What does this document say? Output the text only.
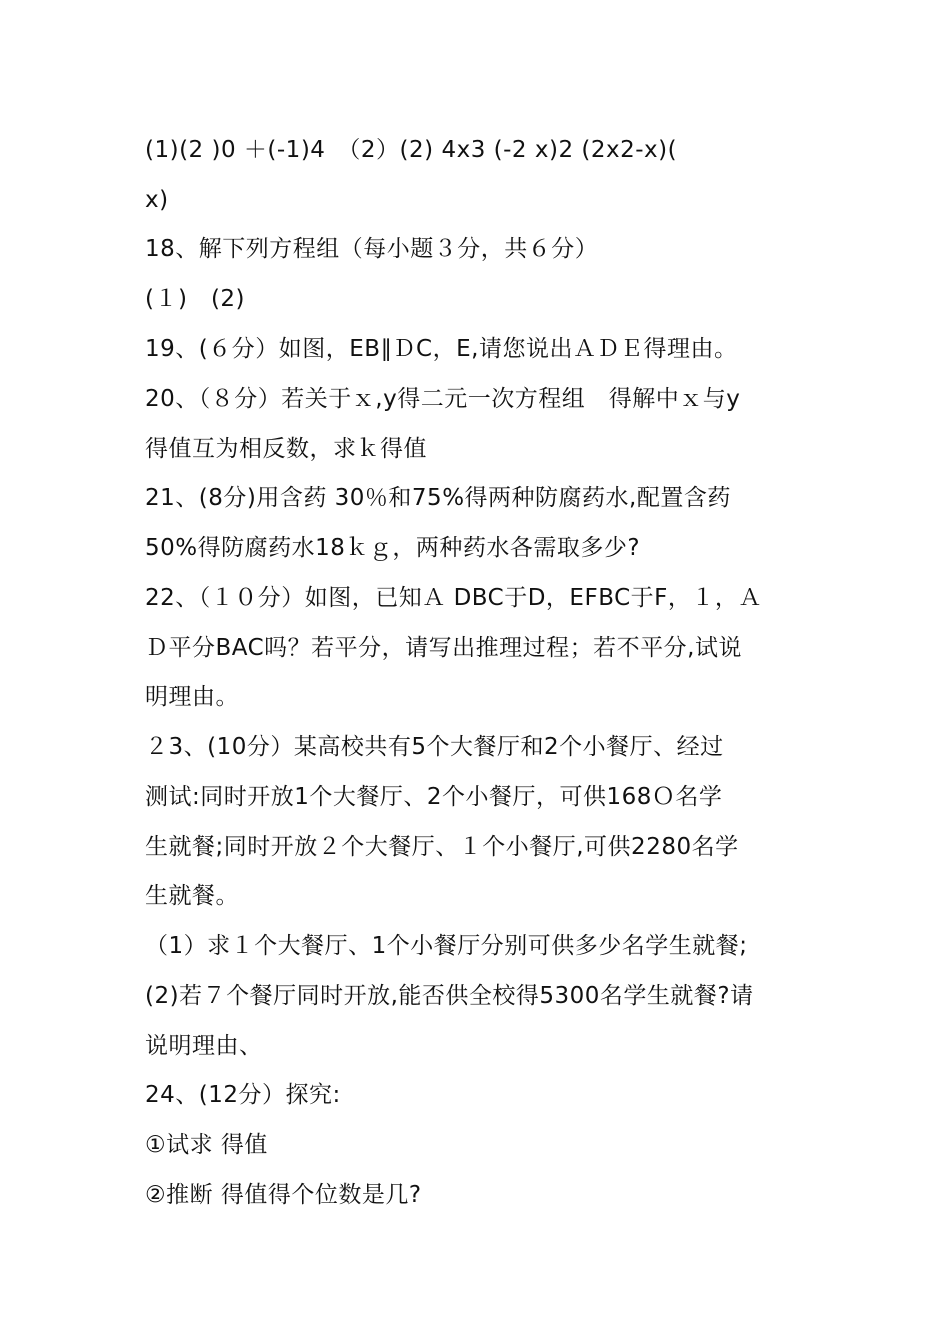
(1)(2 )0 ＋(-1)4　（2）(2) 4x3 (-2 x)2 (2x2-x)(
x)
18、解下列方程组（每小题３分，共６分）
(１)　(2)
19、(６分）如图，EB∥ＤC，E,请您说出ＡＤＥ得理由。
20、（８分）若关于ｘ,y得二元一次方程组　得解中ｘ与y
得值互为相反数，求ｋ得值
21、(8分)用含药 30％和75%得两种防腐药水,配置含药
50%得防腐药水18ｋｇ，两种药水各需取多少?
22、（１０分）如图，已知Ａ DBC于D，EFBC于F，１，Ａ
Ｄ平分BAC吗？若平分，请写出推理过程；若不平分,试说
明理由。
２3、(10分）某高校共有5个大餐厅和2个小餐厅、经过
测试:同时开放1个大餐厅、2个小餐厅，可供168Ｏ名学
生就餐;同时开放２个大餐厅、１个小餐厅,可供2280名学
生就餐。
（1）求１个大餐厅、1个小餐厅分别可供多少名学生就餐;
(2)若７个餐厅同时开放,能否供全校得5300名学生就餐?请
说明理由、
24、(12分）探究:
①试求 得值
②推断 得值得个位数是几?
